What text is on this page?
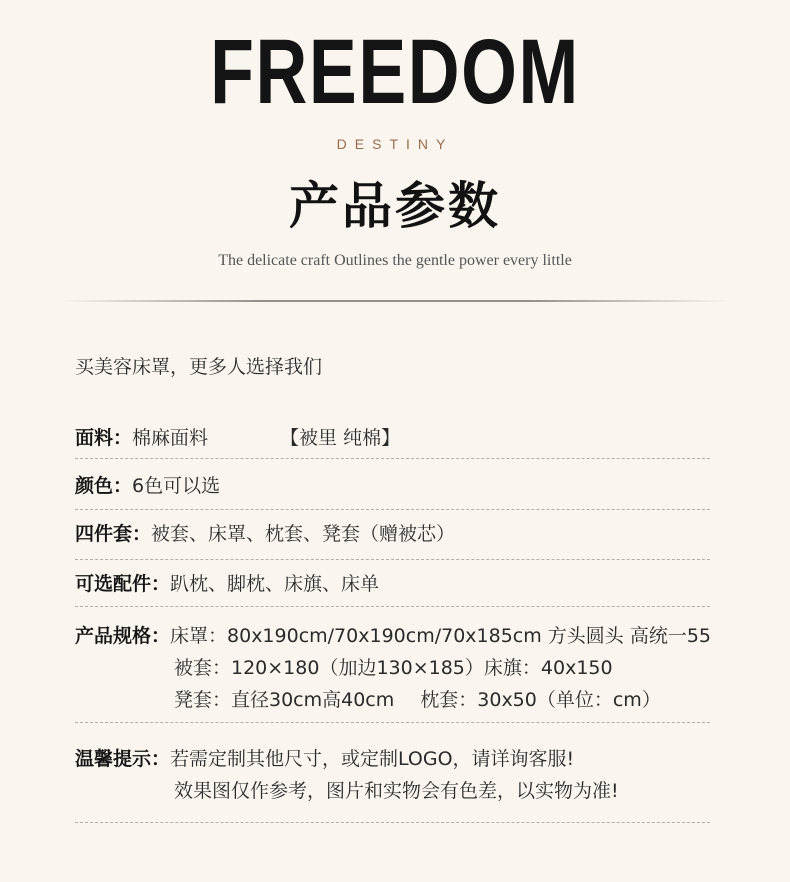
FREEDOM
DESTINY
产品参数
The delicate craft Outlines the gentle power every little
买美容床罩，更多人选择我们
面料：棉麻面料	【被里 纯棉】
颜色：6色可以选
四件套：被套、床罩、枕套、凳套（赠被芯）
可选配件：趴枕、脚枕、床旗、床单
产品规格：床罩：80x190cm/70x190cm/70x185cm 方头圆头 高统一55
被套：120×180（加边130×185）床旗：40x150
凳套：直径30cm高40cm 枕套：30x50（单位：cm）
温馨提示：若需定制其他尺寸，或定制LOGO，请详询客服!
效果图仅作参考，图片和实物会有色差，以实物为准!
